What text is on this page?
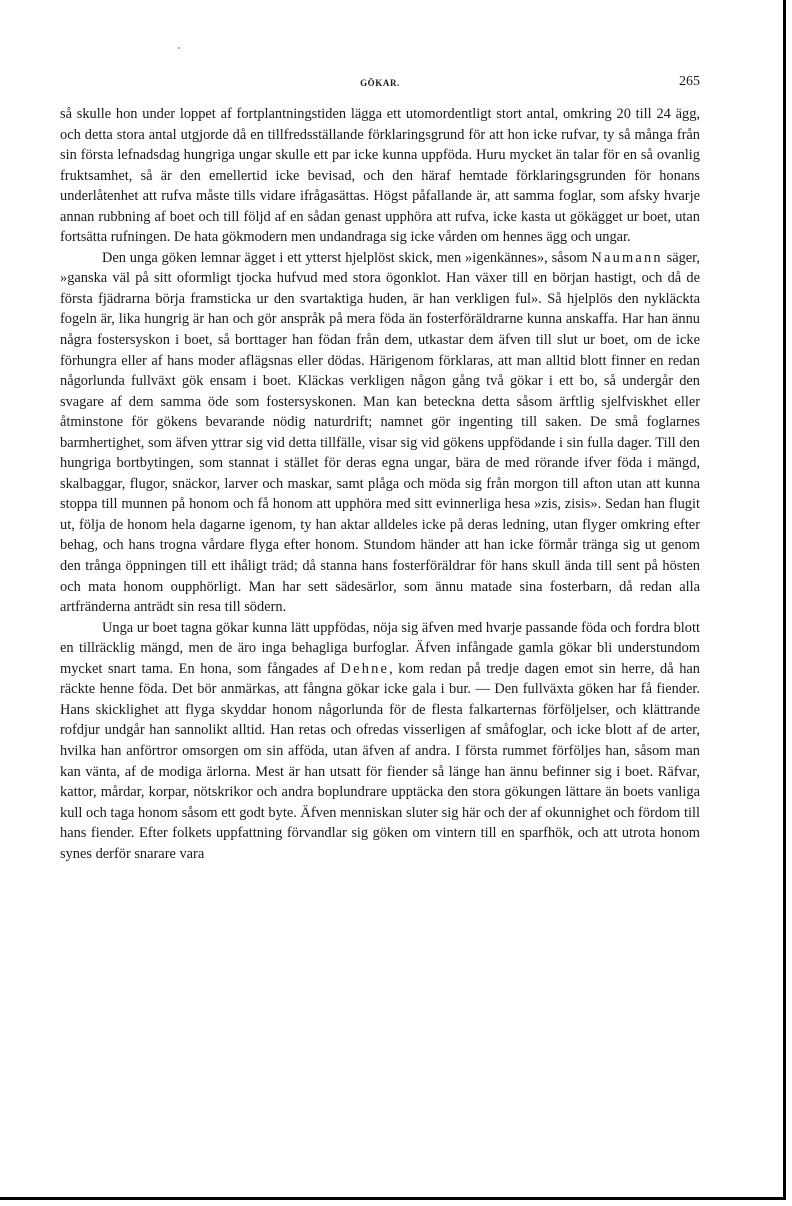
GÖKAR.	265

så skulle hon under loppet af fortplantningstiden lägga ett utomordentligt stort antal, omkring 20 till 24 ägg, och detta stora antal utgjorde då en tillfredsställande förklaringsgrund för att hon icke rufvar, ty så många från sin första lefnadsdag hungriga ungar skulle ett par icke kunna uppföda. Huru mycket än talar för en så ovanlig fruktsamhet, så är den emellertid icke bevisad, och den häraf hemtade förklaringsgrunden för honans underlåtenhet att rufva måste tills vidare ifrågasättas. Högst påfallande är, att samma foglar, som afsky hvarje annan rubbning af boet och till följd af en sådan genast upphöra att rufva, icke kasta ut gökägget ur boet, utan fortsätta rufningen. De hata gökmodern men undandraga sig icke vården om hennes ägg och ungar.

Den unga göken lemnar ägget i ett ytterst hjelplöst skick, men »igenkännes», såsom Naumann säger, »ganska väl på sitt oformligt tjocka hufvud med stora ögonklot. Han växer till en början hastigt, och då de första fjädrarna börja framsticka ur den svartaktiga huden, är han verkligen ful». Så hjelplös den nykläckta fogeln är, lika hungrig är han och gör anspråk på mera föda än fosterföräldrarne kunna anskaffa. Har han ännu några fostersyskon i boet, så borttager han födan från dem, utkastar dem äfven till slut ur boet, om de icke förhungra eller af hans moder aflägsnas eller dödas. Härigenom förklaras, att man alltid blott finner en redan någorlunda fullväxt gök ensam i boet. Kläckas verkligen någon gång två gökar i ett bo, så undergår den svagare af dem samma öde som fostersyskonen. Man kan beteckna detta såsom ärftlig sjelfviskhet eller åtminstone för gökens bevarande nödig naturdrift; namnet gör ingenting till saken. De små foglarnes barmhertighet, som äfven yttrar sig vid detta tillfälle, visar sig vid gökens uppfödande i sin fulla dager. Till den hungriga bortbytingen, som stannat i stället för deras egna ungar, bära de med rörande ifver föda i mängd, skalbaggar, flugor, snäckor, larver och maskar, samt plåga och möda sig från morgon till afton utan att kunna stoppa till munnen på honom och få honom att upphöra med sitt evinnerliga hesa »zis, zisis». Sedan han flugit ut, följa de honom hela dagarne igenom, ty han aktar alldeles icke på deras ledning, utan flyger omkring efter behag, och hans trogna vårdare flyga efter honom. Stundom händer att han icke förmår tränga sig ut genom den trånga öppningen till ett ihåligt träd; då stanna hans fosterföräldrar för hans skull ända till sent på hösten och mata honom oupphörligt. Man har sett sädesärlor, som ännu matade sina fosterbarn, då redan alla artfränderna anträdt sin resa till södern.

Unga ur boet tagna gökar kunna lätt uppfödas, nöja sig äfven med hvarje passande föda och fordra blott en tillräcklig mängd, men de äro inga behagliga burfoglar. Äfven infångade gamla gökar bli understundom mycket snart tama. En hona, som fångades af Dehne, kom redan på tredje dagen emot sin herre, då han räckte henne föda. Det bör anmärkas, att fångna gökar icke gala i bur. — Den fullväxta göken har få fiender. Hans skicklighet att flyga skyddar honom någorlunda för de flesta falkarternas förföljelser, och klättrande rofdjur undgår han sannolikt alltid. Han retas och ofredas visserligen af småfoglar, och icke blott af de arter, hvilka han anförtror omsorgen om sin afföda, utan äfven af andra. I första rummet förföljes han, såsom man kan vänta, af de modiga ärlorna. Mest är han utsatt för fiender så länge han ännu befinner sig i boet. Räfvar, kattor, mårdar, korpar, nötskrikor och andra boplundrare upptäcka den stora gökungen lättare än boets vanliga kull och taga honom såsom ett godt byte. Äfven menniskan sluter sig här och der af okunnighet och fördom till hans fiender. Efter folkets uppfattning förvandlar sig göken om vintern till en sparfhök, och att utrota honom synes derför snarare vara
